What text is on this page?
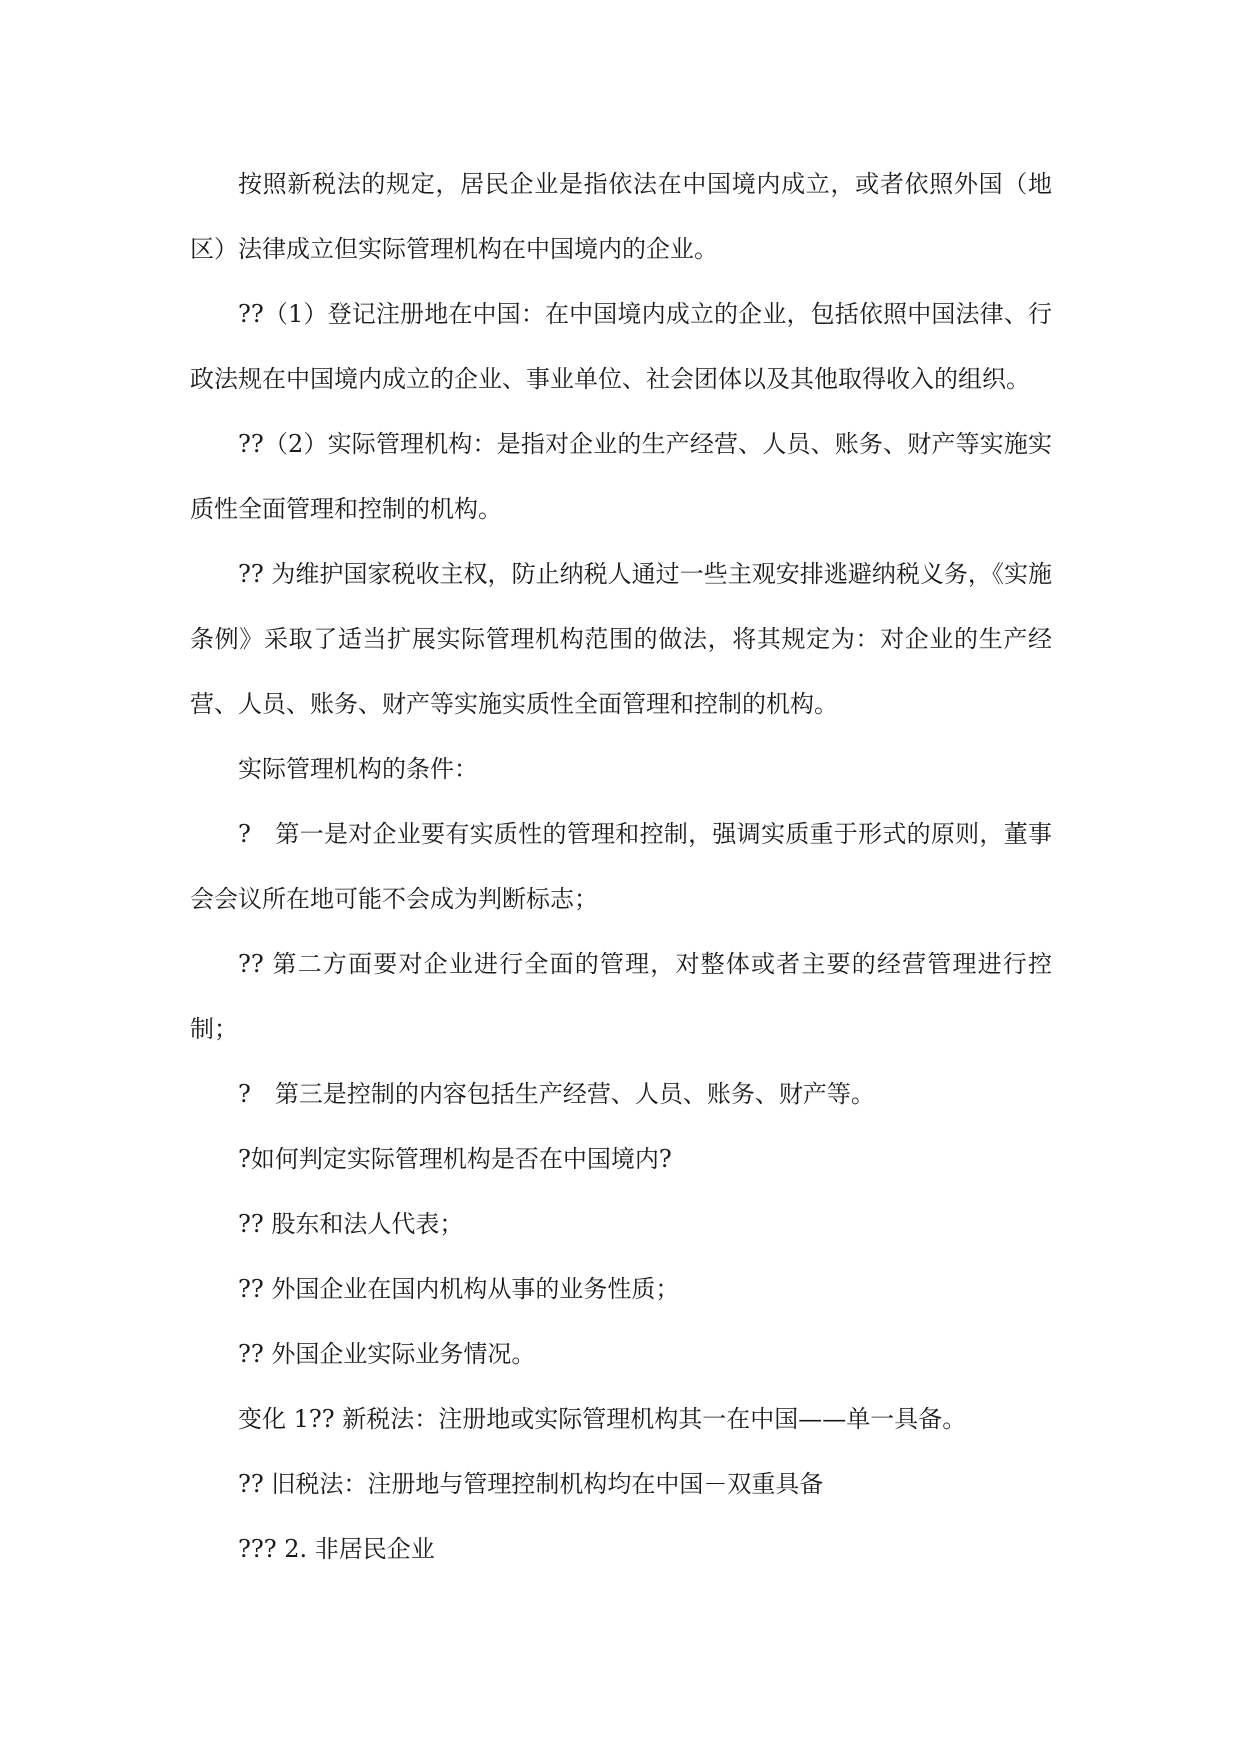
按照新税法的规定，居民企业是指依法在中国境内成立，或者依照外国（地区）法律成立但实际管理机构在中国境内的企业。

??（1）登记注册地在中国：在中国境内成立的企业，包括依照中国法律、行政法规在中国境内成立的企业、事业单位、社会团体以及其他取得收入的组织。

??（2）实际管理机构：是指对企业的生产经营、人员、账务、财产等实施实质性全面管理和控制的机构。

?? 为维护国家税收主权，防止纳税人通过一些主观安排逃避纳税义务，《实施条例》采取了适当扩展实际管理机构范围的做法，将其规定为：对企业的生产经营、人员、账务、财产等实施实质性全面管理和控制的机构。

实际管理机构的条件：

?　第一是对企业要有实质性的管理和控制，强调实质重于形式的原则，董事会会议所在地可能不会成为判断标志；

?? 第二方面要对企业进行全面的管理，对整体或者主要的经营管理进行控制；

?　第三是控制的内容包括生产经营、人员、账务、财产等。

?如何判定实际管理机构是否在中国境内?

?? 股东和法人代表；

?? 外国企业在国内机构从事的业务性质；

?? 外国企业实际业务情况。

变化 1?? 新税法：注册地或实际管理机构其一在中国——单一具备。

?? 旧税法：注册地与管理控制机构均在中国－双重具备

??? 2. 非居民企业
